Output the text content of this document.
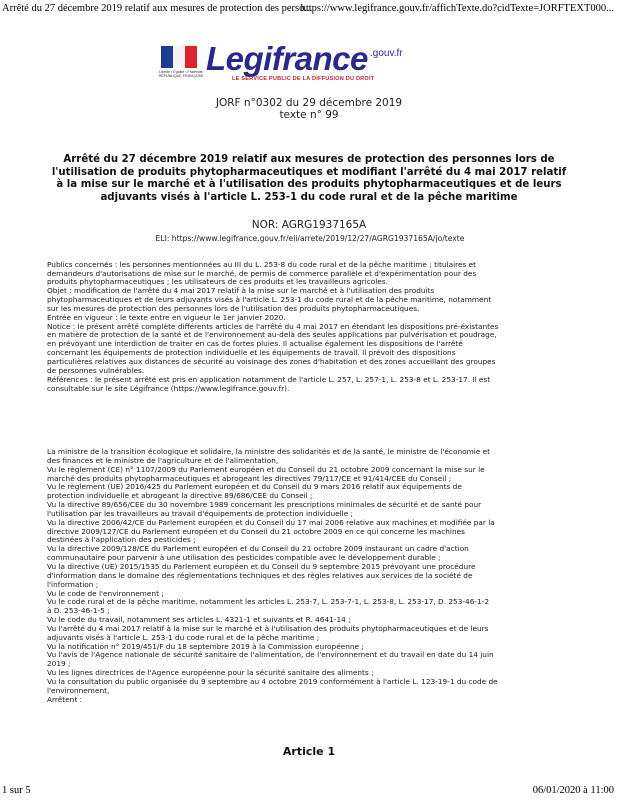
Arrêté du 27 décembre 2019 relatif aux mesures de protection des perso...
https://www.legifrance.gouv.fr/affichTexte.do?cidTexte=JORFTEXT000...
Liberté • Égalité • Fraternité
RÉPUBLIQUE FRANÇAISE Legifrance .gouv.fr
LE SERVICE PUBLIC DE LA DIFFUSION DU DROIT
JORF n°0302 du 29 décembre 2019
texte n° 99
Arrêté du 27 décembre 2019 relatif aux mesures de protection des personnes lors de l'utilisation de produits phytopharmaceutiques et modifiant l'arrêté du 4 mai 2017 relatif à la mise sur le marché et à l'utilisation des produits phytopharmaceutiques et de leurs adjuvants visés à l'article L. 253-1 du code rural et de la pêche maritime
NOR: AGRG1937165A
ELI: https://www.legifrance.gouv.fr/eli/arrete/2019/12/27/AGRG1937165A/jo/texte

Publics concernés : les personnes mentionnées au III du L. 253-8 du code rural et de la pêche maritime ; titulaires et

demandeurs d'autorisations de mise sur le marché, de permis de commerce parallèle et d'expérimentation pour des

produits phytopharmaceutiques ; les utilisateurs de ces produits et les travailleurs agricoles.

Objet : modification de l'arrêté du 4 mai 2017 relatif à la mise sur le marché et à l'utilisation des produits

phytopharmaceutiques et de leurs adjuvants visés à l'article L. 253-1 du code rural et de la pêche maritime, notamment

sur les mesures de protection des personnes lors de l'utilisation des produits phytopharmaceutiques.

Entrée en vigueur : le texte entre en vigueur le 1er janvier 2020.

Notice : le présent arrêté complète différents articles de l'arrêté du 4 mai 2017 en étendant les dispositions pré-éxistantes

en matière de protection de la santé et de l'environnement au-delà des seules applications par pulvérisation et poudrage,

en prévoyant une interdiction de traiter en cas de fortes pluies. Il actualise également les dispositions de l'arrêté

concernant les équipements de protection individuelle et les équipements de travail. Il prévoit des dispositions

particulières relatives aux distances de sécurité au voisinage des zones d'habitation et des zones accueillant des groupes

de personnes vulnérables.

Références : le présent arrêté est pris en application notamment de l'article L. 257, L. 257-1, L. 253-8 et L. 253-17. Il est

consultable sur le site Légifrance (https://www.legifrance.gouv.fr).

La ministre de la transition écologique et solidaire, la ministre des solidarités et de la santé, le ministre de l'économie et

des finances et le ministre de l'agriculture et de l'alimentation,

Vu le règlement (CE) n° 1107/2009 du Parlement européen et du Conseil du 21 octobre 2009 concernant la mise sur le

marché des produits phytopharmaceutiques et abrogeant les directives 79/117/CE et 91/414/CEE du Conseil ;

Vu le règlement (UE) 2016/425 du Parlement européen et du Conseil du 9 mars 2016 relatif aux équipements de

protection individuelle et abrogeant la directive 89/686/CEE du Conseil ;

Vu la directive 89/656/CEE du 30 novembre 1989 concernant les prescriptions minimales de sécurité et de santé pour

l'utilisation par les travailleurs au travail d'équipements de protection individuelle ;

Vu la directive 2006/42/CE du Parlement européen et du Conseil du 17 mai 2006 relative aux machines et modifiée par la

directive 2009/127/CE du Parlement européen et du Conseil du 21 octobre 2009 en ce qui concerne les machines

destinées à l'application des pesticides ;

Vu la directive 2009/128/CE du Parlement européen et du Conseil du 21 octobre 2009 instaurant un cadre d'action

communautaire pour parvenir à une utilisation des pesticides compatible avec le développement durable ;

Vu la directive (UE) 2015/1535 du Parlement européen et du Conseil du 9 septembre 2015 prévoyant une procédure

d'information dans le domaine des réglementations techniques et des règles relatives aux services de la société de

l'information ;

Vu le code de l'environnement ;

Vu le code rural et de la pêche maritime, notamment les articles L. 253-7, L. 253-7-1, L. 253-8, L. 253-17, D. 253-46-1-2

à D. 253-46-1-5 ;

Vu le code du travail, notamment ses articles L. 4321-1 et suivants et R. 4641-14 ;

Vu l'arrêté du 4 mai 2017 relatif à la mise sur le marché et à l'utilisation des produits phytopharmaceutiques et de leurs

adjuvants visés à l'article L. 253-1 du code rural et de la pêche maritime ;

Vu la notification n° 2019/451/F du 18 septembre 2019 à la Commission européenne ;

Vu l'avis de l'Agence nationale de sécurité sanitaire de l'alimentation, de l'environnement et du travail en date du 14 juin

2019 ;

Vu les lignes directrices de l'Agence européenne pour la sécurité sanitaire des aliments ;

Vu la consultation du public organisée du 9 septembre au 4 octobre 2019 conformément à l'article L. 123-19-1 du code de

l'environnement,

Arrêtent :

Article 1
1 sur 5	06/01/2020 à 11:00
